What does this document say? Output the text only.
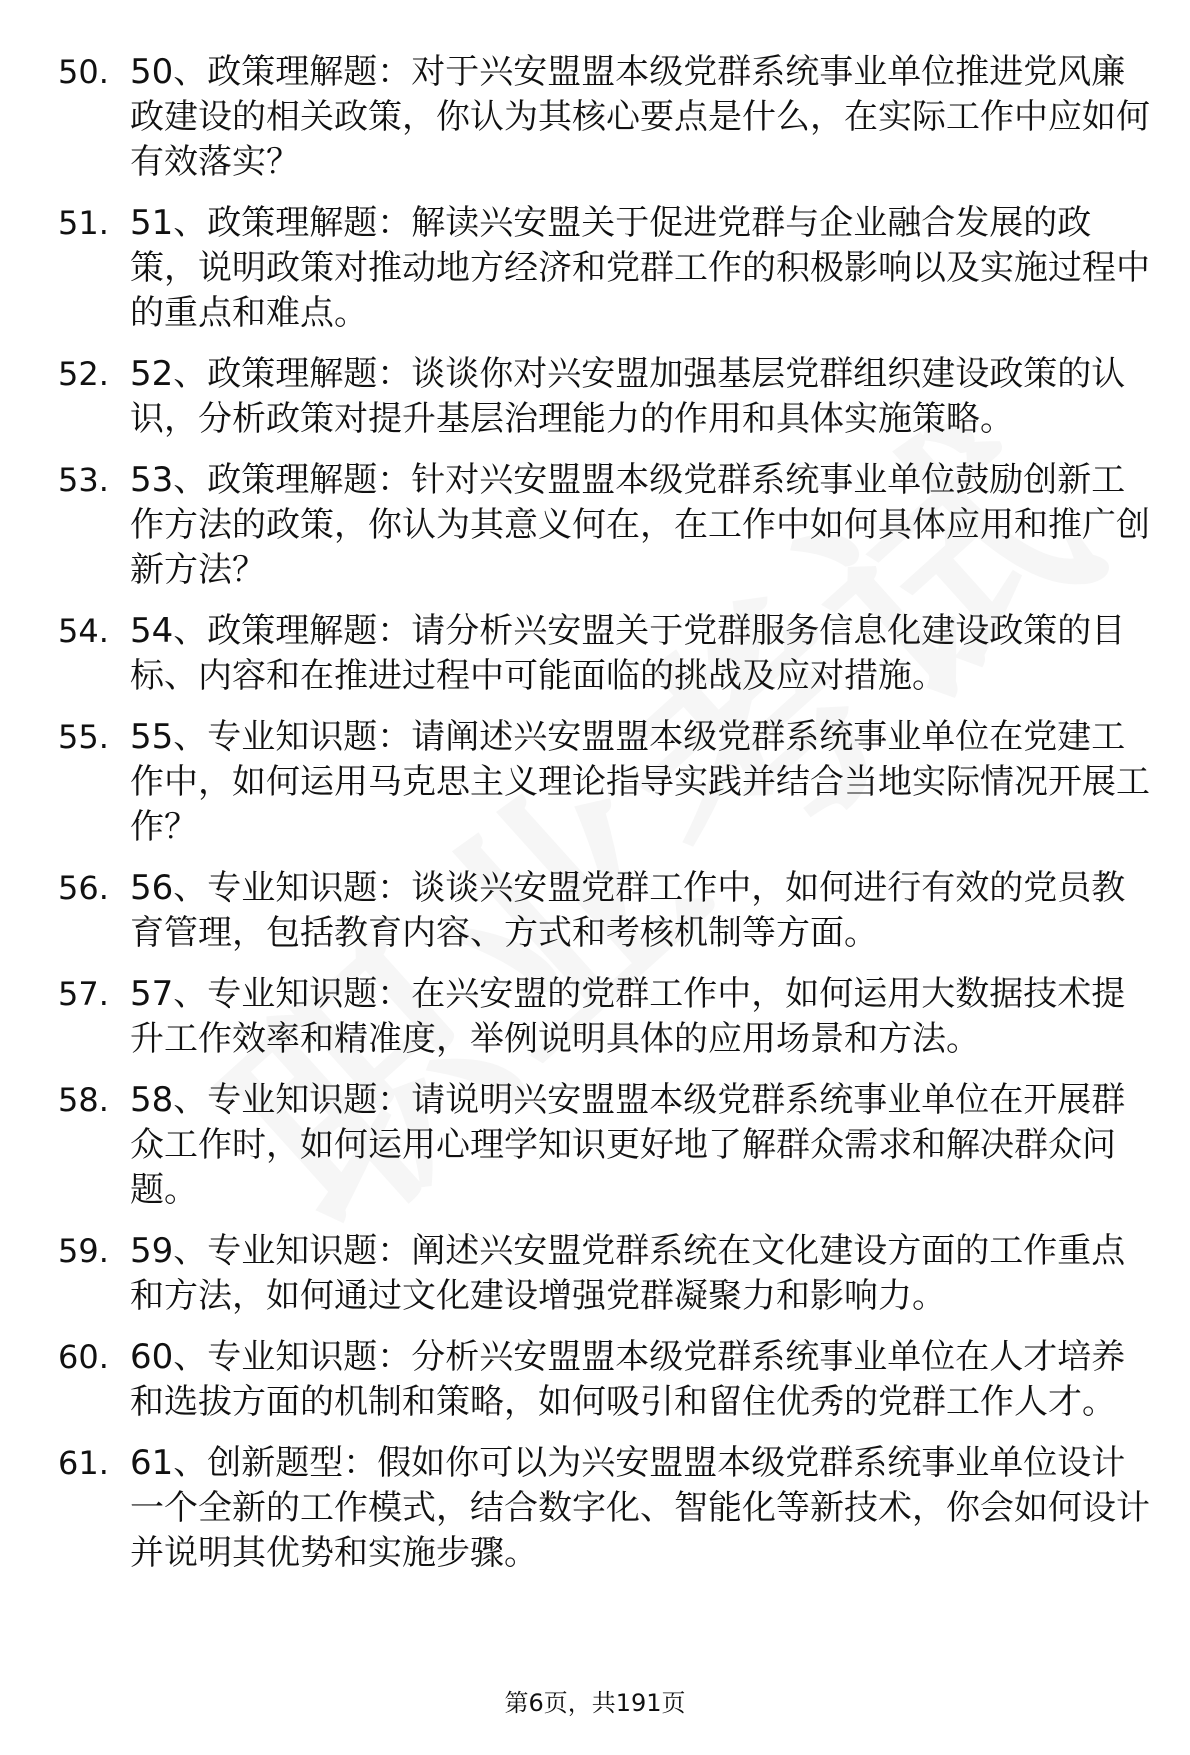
50. 50、政策理解题：对于兴安盟盟本级党群系统事业单位推进党风廉政建设的相关政策，你认为其核心要点是什么，在实际工作中应如何有效落实？
51. 51、政策理解题：解读兴安盟关于促进党群与企业融合发展的政策，说明政策对推动地方经济和党群工作的积极影响以及实施过程中的重点和难点。
52. 52、政策理解题：谈谈你对兴安盟加强基层党群组织建设政策的认识，分析政策对提升基层治理能力的作用和具体实施策略。
53. 53、政策理解题：针对兴安盟盟本级党群系统事业单位鼓励创新工作方法的政策，你认为其意义何在，在工作中如何具体应用和推广创新方法？
54. 54、政策理解题：请分析兴安盟关于党群服务信息化建设政策的目标、内容和在推进过程中可能面临的挑战及应对措施。
55. 55、专业知识题：请阐述兴安盟盟本级党群系统事业单位在党建工作中，如何运用马克思主义理论指导实践并结合当地实际情况开展工作？
56. 56、专业知识题：谈谈兴安盟党群工作中，如何进行有效的党员教育管理，包括教育内容、方式和考核机制等方面。
57. 57、专业知识题：在兴安盟的党群工作中，如何运用大数据技术提升工作效率和精准度，举例说明具体的应用场景和方法。
58. 58、专业知识题：请说明兴安盟盟本级党群系统事业单位在开展群众工作时，如何运用心理学知识更好地了解群众需求和解决群众问题。
59. 59、专业知识题：阐述兴安盟党群系统在文化建设方面的工作重点和方法，如何通过文化建设增强党群凝聚力和影响力。
60. 60、专业知识题：分析兴安盟盟本级党群系统事业单位在人才培养和选拔方面的机制和策略，如何吸引和留住优秀的党群工作人才。
61. 61、创新题型：假如你可以为兴安盟盟本级党群系统事业单位设计一个全新的工作模式，结合数字化、智能化等新技术，你会如何设计并说明其优势和实施步骤。
第6页，共191页
